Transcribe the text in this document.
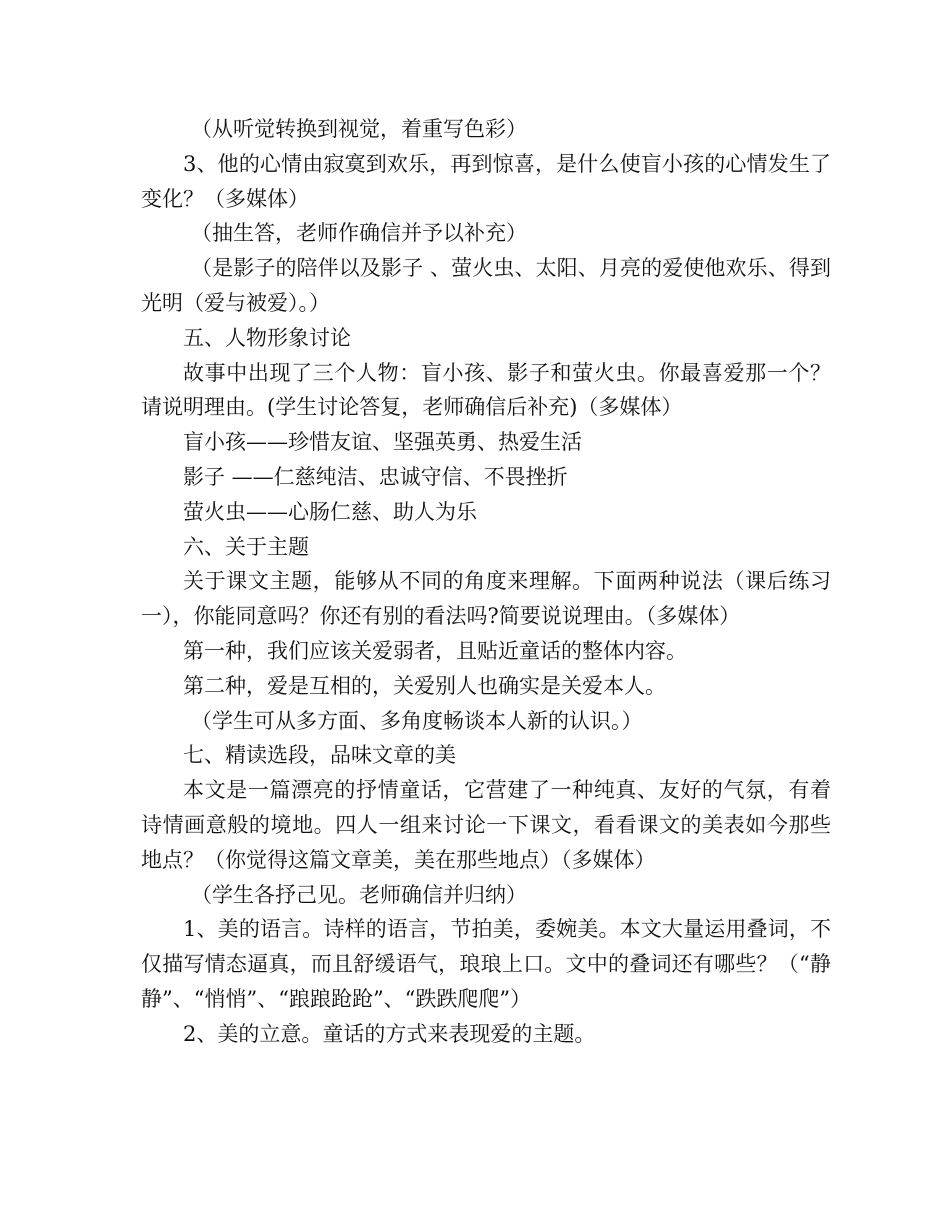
（从听觉转换到视觉，着重写色彩）

3、他的心情由寂寞到欢乐，再到惊喜，是什么使盲小孩的心情发生了变化？（多媒体）

（抽生答，老师作确信并予以补充）

（是影子的陪伴以及影子 、萤火虫、太阳、月亮的爱使他欢乐、得到光明（爱与被爱）。）

五、人物形象讨论

故事中出现了三个人物：盲小孩、影子和萤火虫。你最喜爱那一个？请说明理由。(学生讨论答复，老师确信后补充)（多媒体）

盲小孩——珍惜友谊、坚强英勇、热爱生活

影子 ——仁慈纯洁、忠诚守信、不畏挫折

萤火虫——心肠仁慈、助人为乐

六、关于主题

关于课文主题，能够从不同的角度来理解。下面两种说法（课后练习一），你能同意吗？你还有别的看法吗?简要说说理由。（多媒体）

第一种，我们应该关爱弱者，且贴近童话的整体内容。

第二种，爱是互相的，关爱别人也确实是关爱本人。

（学生可从多方面、多角度畅谈本人新的认识。）

七、精读选段，品味文章的美

本文是一篇漂亮的抒情童话，它营建了一种纯真、友好的气氛，有着诗情画意般的境地。四人一组来讨论一下课文，看看课文的美表如今那些地点？（你觉得这篇文章美，美在那些地点）（多媒体）

（学生各抒己见。老师确信并归纳）

1、美的语言。诗样的语言，节拍美，委婉美。本文大量运用叠词，不仅描写情态逼真，而且舒缓语气，琅琅上口。文中的叠词还有哪些？（“静静”、“悄悄”、“踉踉跄跄”、“跌跌爬爬”）

2、美的立意。童话的方式来表现爱的主题。
